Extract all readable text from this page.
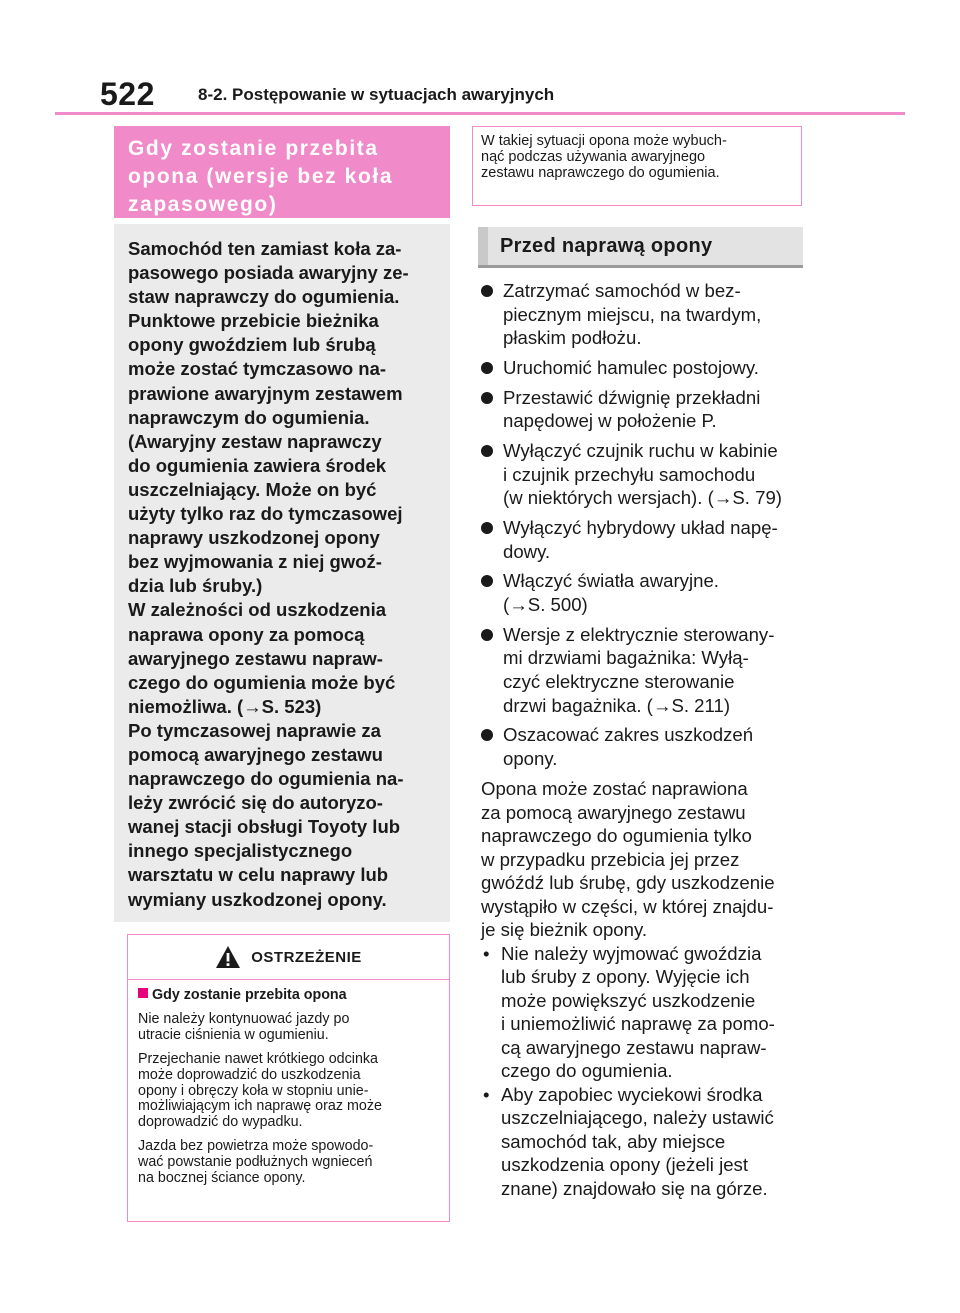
522	8-2. Postępowanie w sytuacjach awaryjnych
Gdy zostanie przebita
opona (wersje bez koła
zapasowego)

Samochód ten zamiast koła za-

pasowego posiada awaryjny ze-

staw naprawczy do ogumienia.

Punktowe przebicie bieżnika

opony gwoździem lub śrubą

może zostać tymczasowo na-

prawione awaryjnym zestawem

naprawczym do ogumienia.

(Awaryjny zestaw naprawczy

do ogumienia zawiera środek

uszczelniający. Może on być

użyty tylko raz do tymczasowej

naprawy uszkodzonej opony

bez wyjmowania z niej gwoź-

dzia lub śruby.)

W zależności od uszkodzenia

naprawa opony za pomocą

awaryjnego zestawu napraw-

czego do ogumienia może być

niemożliwa. (→S. 523)

Po tymczasowej naprawie za

pomocą awaryjnego zestawu

naprawczego do ogumienia na-

leży zwrócić się do autoryzo-

wanej stacji obsługi Toyoty lub

innego specjalistycznego

warsztatu w celu naprawy lub

wymiany uszkodzonej opony.

OSTRZEŻENIE

Gdy zostanie przebita opona

Nie należy kontynuować jazdy po
utracie ciśnienia w ogumieniu.

Przejechanie nawet krótkiego odcinka
może doprowadzić do uszkodzenia
opony i obręczy koła w stopniu unie-
możliwiającym ich naprawę oraz może
doprowadzić do wypadku.

Jazda bez powietrza może spowodo-
wać powstanie podłużnych wgnieceń
na bocznej ściance opony.

W takiej sytuacji opona może wybuch-
nąć podczas używania awaryjnego
zestawu naprawczego do ogumienia.
Przed naprawą opony
Zatrzymać samochód w bez-
piecznym miejscu, na twardym,
płaskim podłożu.
Uruchomić hamulec postojowy.
Przestawić dźwignię przekładni
napędowej w położenie P.
Wyłączyć czujnik ruchu w kabinie
i czujnik przechyłu samochodu
(w niektórych wersjach). (→S. 79)
Wyłączyć hybrydowy układ napę-
dowy.
Włączyć światła awaryjne.
(→S. 500)
Wersje z elektrycznie sterowany-
mi drzwiami bagażnika: Wyłą-
czyć elektryczne sterowanie
drzwi bagażnika. (→S. 211)
Oszacować zakres uszkodzeń
opony.

Opona może zostać naprawiona

za pomocą awaryjnego zestawu

naprawczego do ogumienia tylko

w przypadku przebicia jej przez

gwóźdź lub śrubę, gdy uszkodzenie

wystąpiło w części, w której znajdu-

je się bieżnik opony.

• Nie należy wyjmować gwoździa
lub śruby z opony. Wyjęcie ich
może powiększyć uszkodzenie
i uniemożliwić naprawę za pomo-
cą awaryjnego zestawu napraw-
czego do ogumienia.
• Aby zapobiec wyciekowi środka
uszczelniającego, należy ustawić
samochód tak, aby miejsce
uszkodzenia opony (jeżeli jest
znane) znajdowało się na górze.
